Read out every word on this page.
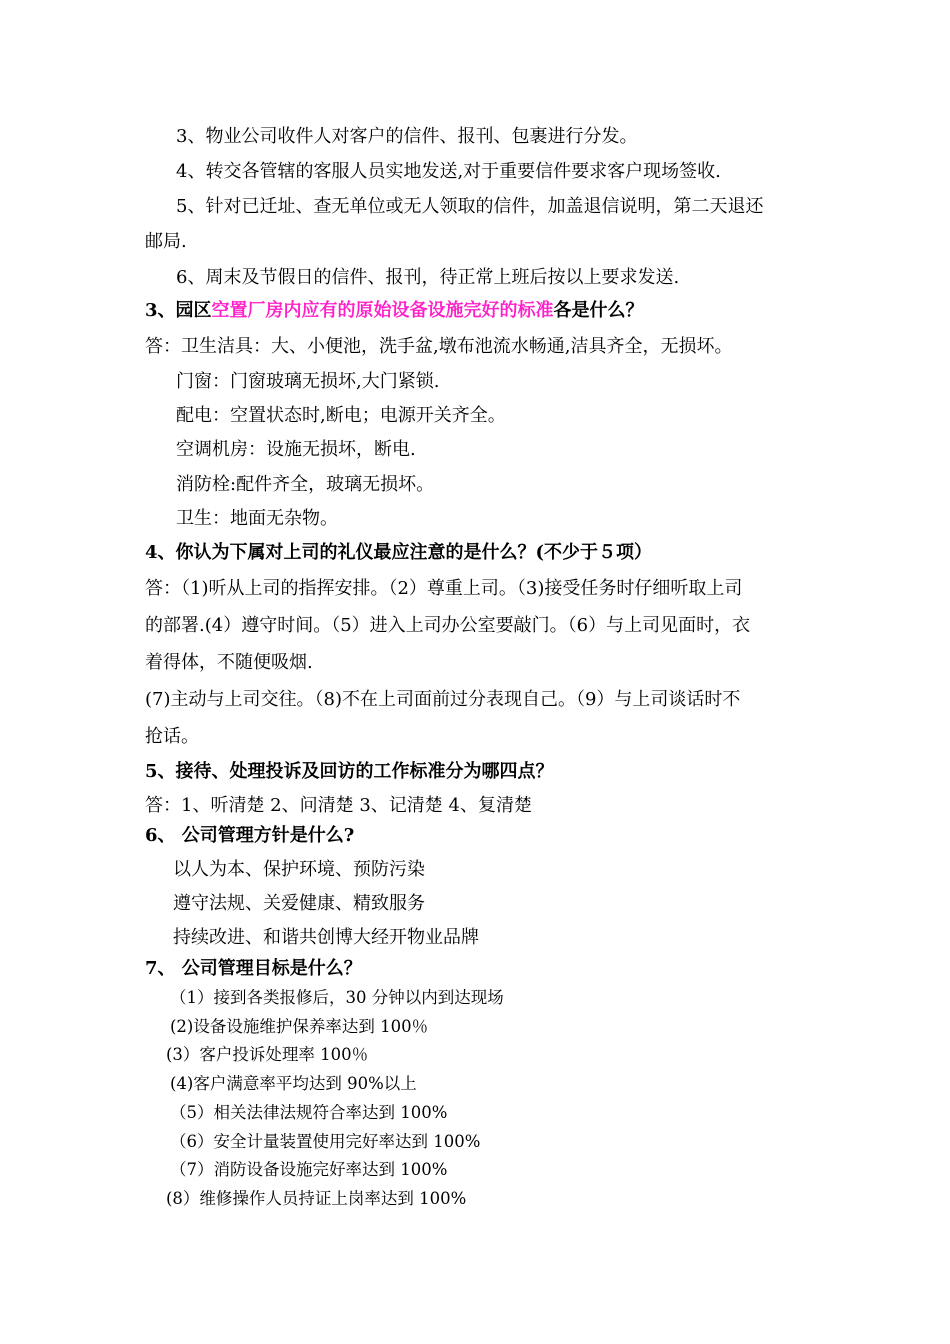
3、物业公司收件人对客户的信件、报刊、包裹进行分发。
4、转交各管辖的客服人员实地发送,对于重要信件要求客户现场签收.
5、针对已迁址、查无单位或无人领取的信件，加盖退信说明，第二天退还
邮局.
6、周末及节假日的信件、报刊，待正常上班后按以上要求发送.
3、园区空置厂房内应有的原始设备设施完好的标准各是什么？
答：卫生洁具：大、小便池，洗手盆,墩布池流水畅通,洁具齐全，无损坏。
门窗：门窗玻璃无损坏,大门紧锁.
配电：空置状态时,断电；电源开关齐全。
空调机房：设施无损坏，断电.
消防栓:配件齐全，玻璃无损坏。
卫生：地面无杂物。
4、你认为下属对上司的礼仪最应注意的是什么？(不少于５项）
答：（1)听从上司的指挥安排。（2）尊重上司。（3)接受任务时仔细听取上司
的部署.(4）遵守时间。（5）进入上司办公室要敲门。（6）与上司见面时，衣
着得体，不随便吸烟.
(7)主动与上司交往。（8)不在上司面前过分表现自己。（9）与上司谈话时不
抢话。
5、接待、处理投诉及回访的工作标准分为哪四点？
答：1、听清楚 2、问清楚 3、记清楚 4、复清楚
6、 公司管理方针是什么?
以人为本、保护环境、预防污染
遵守法规、关爱健康、精致服务
持续改进、和谐共创博大经开物业品牌
7、 公司管理目标是什么？
（1）接到各类报修后，30 分钟以内到达现场
(2)设备设施维护保养率达到 100％
(3）客户投诉处理率 100％
(4)客户满意率平均达到 90%以上
（5）相关法律法规符合率达到 100%
（6）安全计量装置使用完好率达到 100%
（7）消防设备设施完好率达到 100%
(8）维修操作人员持证上岗率达到 100%
